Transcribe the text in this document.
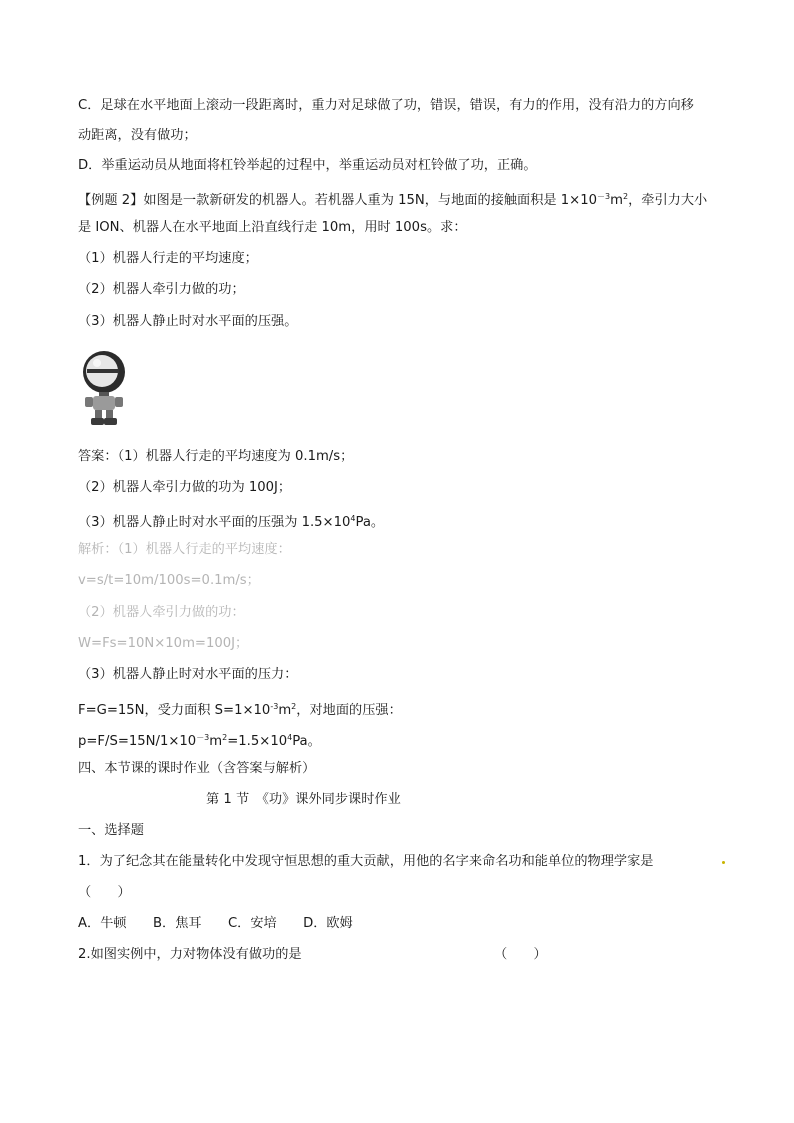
C．足球在水平地面上滚动一段距离时，重力对足球做了功，错误，错误，有力的作用，没有沿力的方向移
动距离，没有做功；
D．举重运动员从地面将杠铃举起的过程中，举重运动员对杠铃做了功，正确。
【例题 2】如图是一款新研发的机器人。若机器人重为 15N，与地面的接触面积是 $1\times 10^{-3}m^2$，牵引力大小
是 ION、机器人在水平地面上沿直线行走 10m，用时 100s。求：
（1）机器人行走的平均速度；
（2）机器人牵引力做的功；
（3）机器人静止时对水平面的压强。
答案：（1）机器人行走的平均速度为 0.1m/s；
（2）机器人牵引力做的功为 100J；
（3）机器人静止时对水平面的压强为 $1.5\times 10^4Pa$。
解析：（1）机器人行走的平均速度：
v=s/t=10m/100s=0.1m/s；
（2）机器人牵引力做的功：
W=Fs=10N×10m=100J；
（3）机器人静止时对水平面的压力：
F=G=15N，受力面积 $S=1\times 10^{-3}m^2$，对地面的压强：
$p=F/S=15N/1\times 10^{-3}m^2=1.5\times 10^4Pa$。
四、本节课的课时作业（含答案与解析）
第 1 节　《功》课外同步课时作业
一、选择题
1．为了纪念其在能量转化中发现守恒思想的重大贡献，用他的名字来命名功和能单位的物理学家是
（　　）
A．牛顿　　B．焦耳　　C．安培　　D．欧姆
2.如图实例中，力对物体没有做功的是	（　　）
